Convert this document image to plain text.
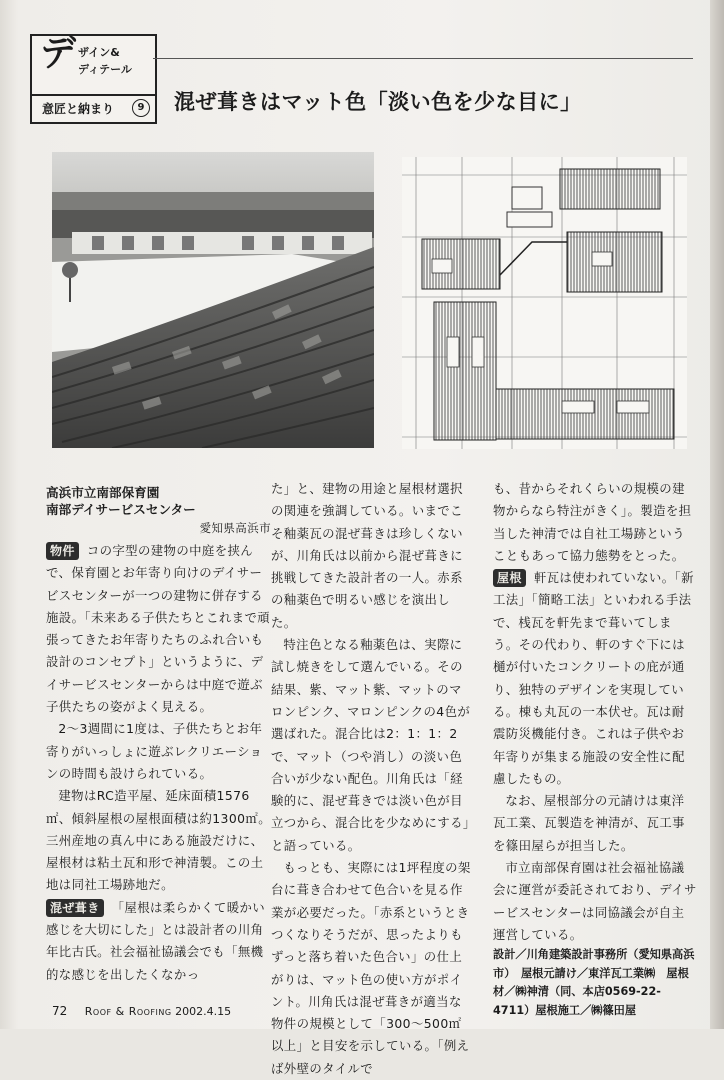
デ ザイン&
ディテール
意匠と納まり	9 混ぜ葺きはマット色「淡い色を少な目に」
高浜市立南部保育園
南部デイサービスセンター
愛知県高浜市

物件 コの字型の建物の中庭を挟んで、保育園とお年寄り向けのデイサービスセンターが一つの建物に併存する施設。「未来ある子供たちとこれまで頑張ってきたお年寄りたちのふれ合いも設計のコンセプト」というように、デイサービスセンターからは中庭で遊ぶ子供たちの姿がよく見える。

2～3週間に1度は、子供たちとお年寄りがいっしょに遊ぶレクリエーションの時間も設けられている。

建物はRC造平屋、延床面積1576㎡、傾斜屋根の屋根面積は約1300㎡。三州産地の真ん中にある施設だけに、屋根材は粘土瓦和形で神清製。この土地は同社工場跡地だ。

混ぜ葺き 「屋根は柔らかくて暖かい感じを大切にした」とは設計者の川角年比古氏。社会福祉協議会でも「無機的な感じを出したくなかっ

た」と、建物の用途と屋根材選択の関連を強調している。いまでこそ釉薬瓦の混ぜ葺きは珍しくないが、川角氏は以前から混ぜ葺きに挑戦してきた設計者の一人。赤系の釉薬色で明るい感じを演出した。

特注色となる釉薬色は、実際に試し焼きをして選んでいる。その結果、紫、マット紫、マットのマロンピンク、マロンピンクの4色が選ばれた。混合比は2：1：1：2で、マット（つや消し）の淡い色合いが少ない配色。川角氏は「経験的に、混ぜ葺きでは淡い色が目立つから、混合比を少なめにする」と語っている。

もっとも、実際には1坪程度の架台に葺き合わせて色合いを見る作業が必要だった。「赤系というときつくなりそうだが、思ったよりもずっと落ち着いた色合い」の仕上がりは、マット色の使い方がポイント。川角氏は混ぜ葺きが適当な物件の規模として「300～500㎡以上」と目安を示している。「例えば外壁のタイルで

も、昔からそれくらいの規模の建物からなら特注がきく」。製造を担当した神清では自社工場跡ということもあって協力態勢をとった。

屋根 軒瓦は使われていない。「新工法」「簡略工法」といわれる手法で、桟瓦を軒先まで葺いてしまう。その代わり、軒のすぐ下には樋が付いたコンクリートの庇が通り、独特のデザインを実現している。棟も丸瓦の一本伏せ。瓦は耐震防災機能付き。これは子供やお年寄りが集まる施設の安全性に配慮したもの。

なお、屋根部分の元請けは東洋瓦工業、瓦製造を神清が、瓦工事を篠田屋らが担当した。

市立南部保育園は社会福祉協議会に運営が委託されており、デイサービスセンターは同協議会が自主運営している。

設計／川角建築設計事務所（愛知県高浜市）　屋根元請け／東洋瓦工業㈱　屋根材／㈱神清（同、本店0569-22-4711）屋根施工／㈱篠田屋

72 Roof & Roofing 2002.4.15
